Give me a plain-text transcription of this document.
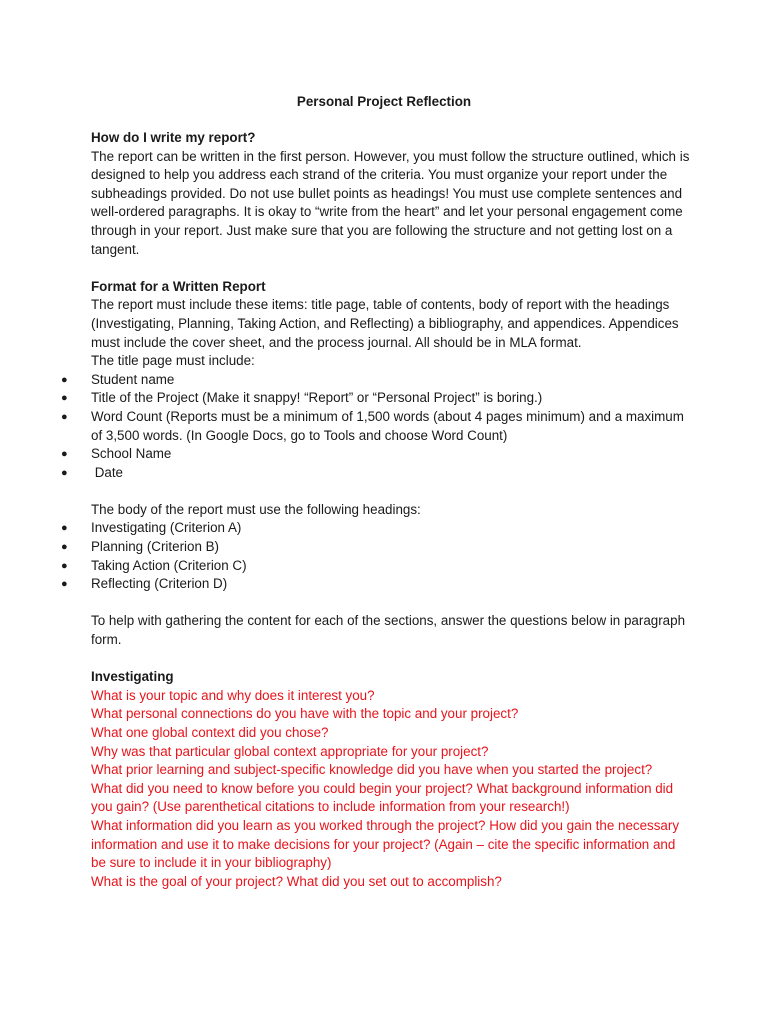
Personal Project Reflection

How do I write my report?

The report can be written in the first person. However, you must follow the structure outlined, which is designed to help you address each strand of the criteria. You must organize your report under the subheadings provided. Do not use bullet points as headings! You must use complete sentences and well-ordered paragraphs. It is okay to “write from the heart” and let your personal engagement come through in your report. Just make sure that you are following the structure and not getting lost on a tangent.

Format for a Written Report

The report must include these items: title page, table of contents, body of report with the headings (Investigating, Planning, Taking Action, and Reflecting) a bibliography, and appendices. Appendices must include the cover sheet, and the process journal. All should be in MLA format.

The title page must include:

● Student name
● Title of the Project (Make it snappy! “Report” or “Personal Project” is boring.)
● Word Count (Reports must be a minimum of 1,500 words (about 4 pages minimum) and a maximum of 3,500 words. (In Google Docs, go to Tools and choose Word Count)
● School Name
● Date

The body of the report must use the following headings:

● Investigating (Criterion A)
● Planning (Criterion B)
● Taking Action (Criterion C)
● Reflecting (Criterion D)

To help with gathering the content for each of the sections, answer the questions below in paragraph form.

Investigating

What is your topic and why does it interest you?

What personal connections do you have with the topic and your project?

What one global context did you chose?

Why was that particular global context appropriate for your project?

What prior learning and subject-specific knowledge did you have when you started the project?

What did you need to know before you could begin your project? What background information did you gain? (Use parenthetical citations to include information from your research!)

What information did you learn as you worked through the project? How did you gain the necessary information and use it to make decisions for your project? (Again – cite the specific information and be sure to include it in your bibliography)

What is the goal of your project? What did you set out to accomplish?
